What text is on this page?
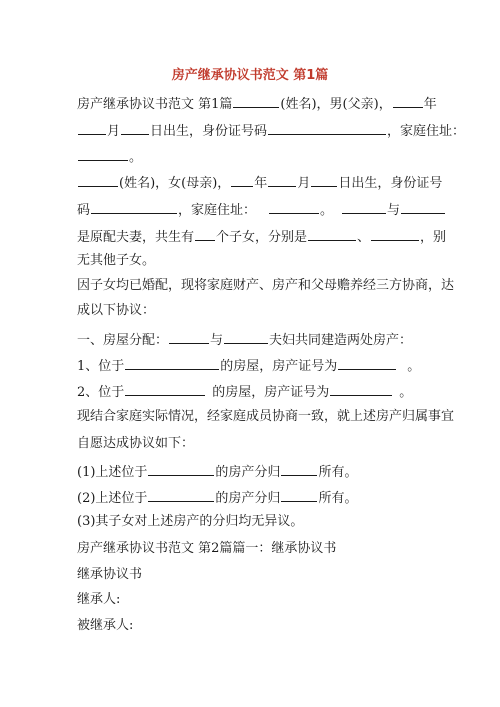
房产继承协议书范文 第1篇
房产继承协议书范文 第1篇	(姓名)，男(父亲)， 年
月 日出生，身份证号码	，家庭住址：
。
(姓名)，女(母亲)， 年 月 日出生，身份证号
码	，家庭住址：	。	与
是原配夫妻，共生有 个子女，分别是	、	，别
无其他子女。
因子女均已婚配，现将家庭财产、房产和父母赡养经三方协商，达
成以下协议：
一、房屋分配：	与	夫妇共同建造两处房产：
1、位于	的房屋，房产证号为	。
2、位于	的房屋，房产证号为	。
现结合家庭实际情况，经家庭成员协商一致，就上述房产归属事宜
自愿达成协议如下：
(1)上述位于	的房产分归	所有。
(2)上述位于	的房产分归	所有。
(3)其子女对上述房产的分归均无异议。
房产继承协议书范文 第2篇篇一：继承协议书
继承协议书
继承人:
被继承人:
